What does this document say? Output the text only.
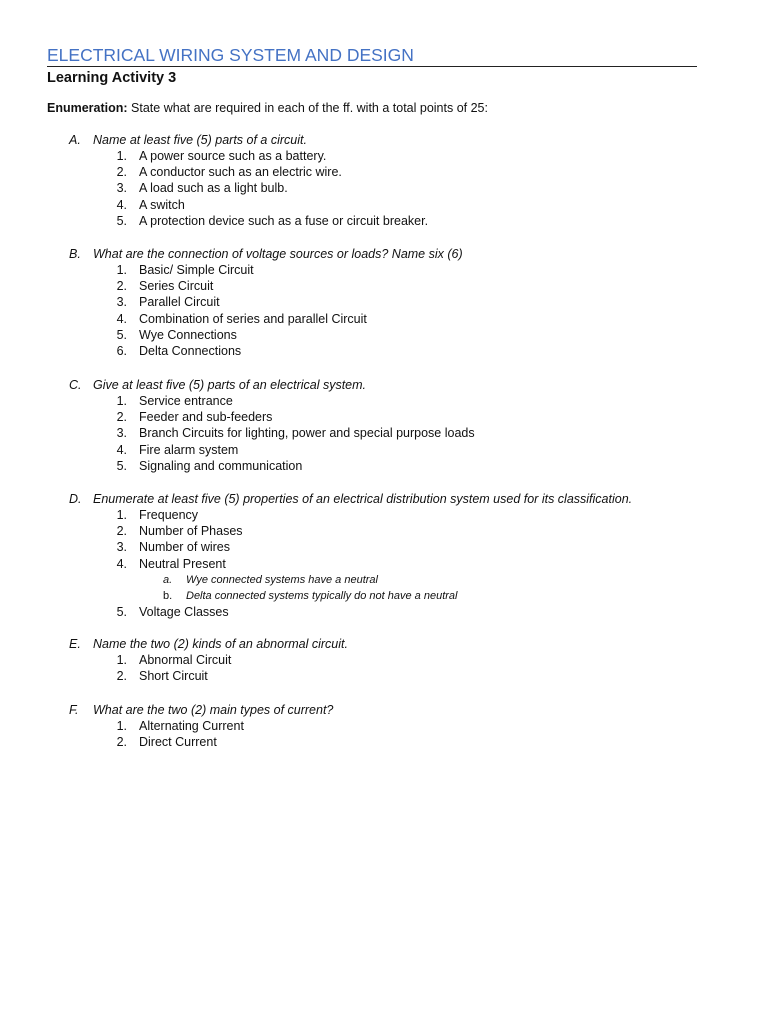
ELECTRICAL WIRING SYSTEM AND DESIGN
Learning Activity 3
Enumeration: State what are required in each of the ff. with a total points of 25:
A. Name at least five (5) parts of a circuit.
1. A power source such as a battery.
2. A conductor such as an electric wire.
3. A load such as a light bulb.
4. A switch
5. A protection device such as a fuse or circuit breaker.
B. What are the connection of voltage sources or loads? Name six (6)
1. Basic/ Simple Circuit
2. Series Circuit
3. Parallel Circuit
4. Combination of series and parallel Circuit
5. Wye Connections
6. Delta Connections
C. Give at least five (5) parts of an electrical system.
1. Service entrance
2. Feeder and sub-feeders
3. Branch Circuits for lighting, power and special purpose loads
4. Fire alarm system
5. Signaling and communication
D. Enumerate at least five (5) properties of an electrical distribution system used for its classification.
1. Frequency
2. Number of Phases
3. Number of wires
4. Neutral Present
a. Wye connected systems have a neutral
b. Delta connected systems typically do not have a neutral
5. Voltage Classes
E. Name the two (2) kinds of an abnormal circuit.
1. Abnormal Circuit
2. Short Circuit
F. What are the two (2) main types of current?
1. Alternating Current
2. Direct Current
